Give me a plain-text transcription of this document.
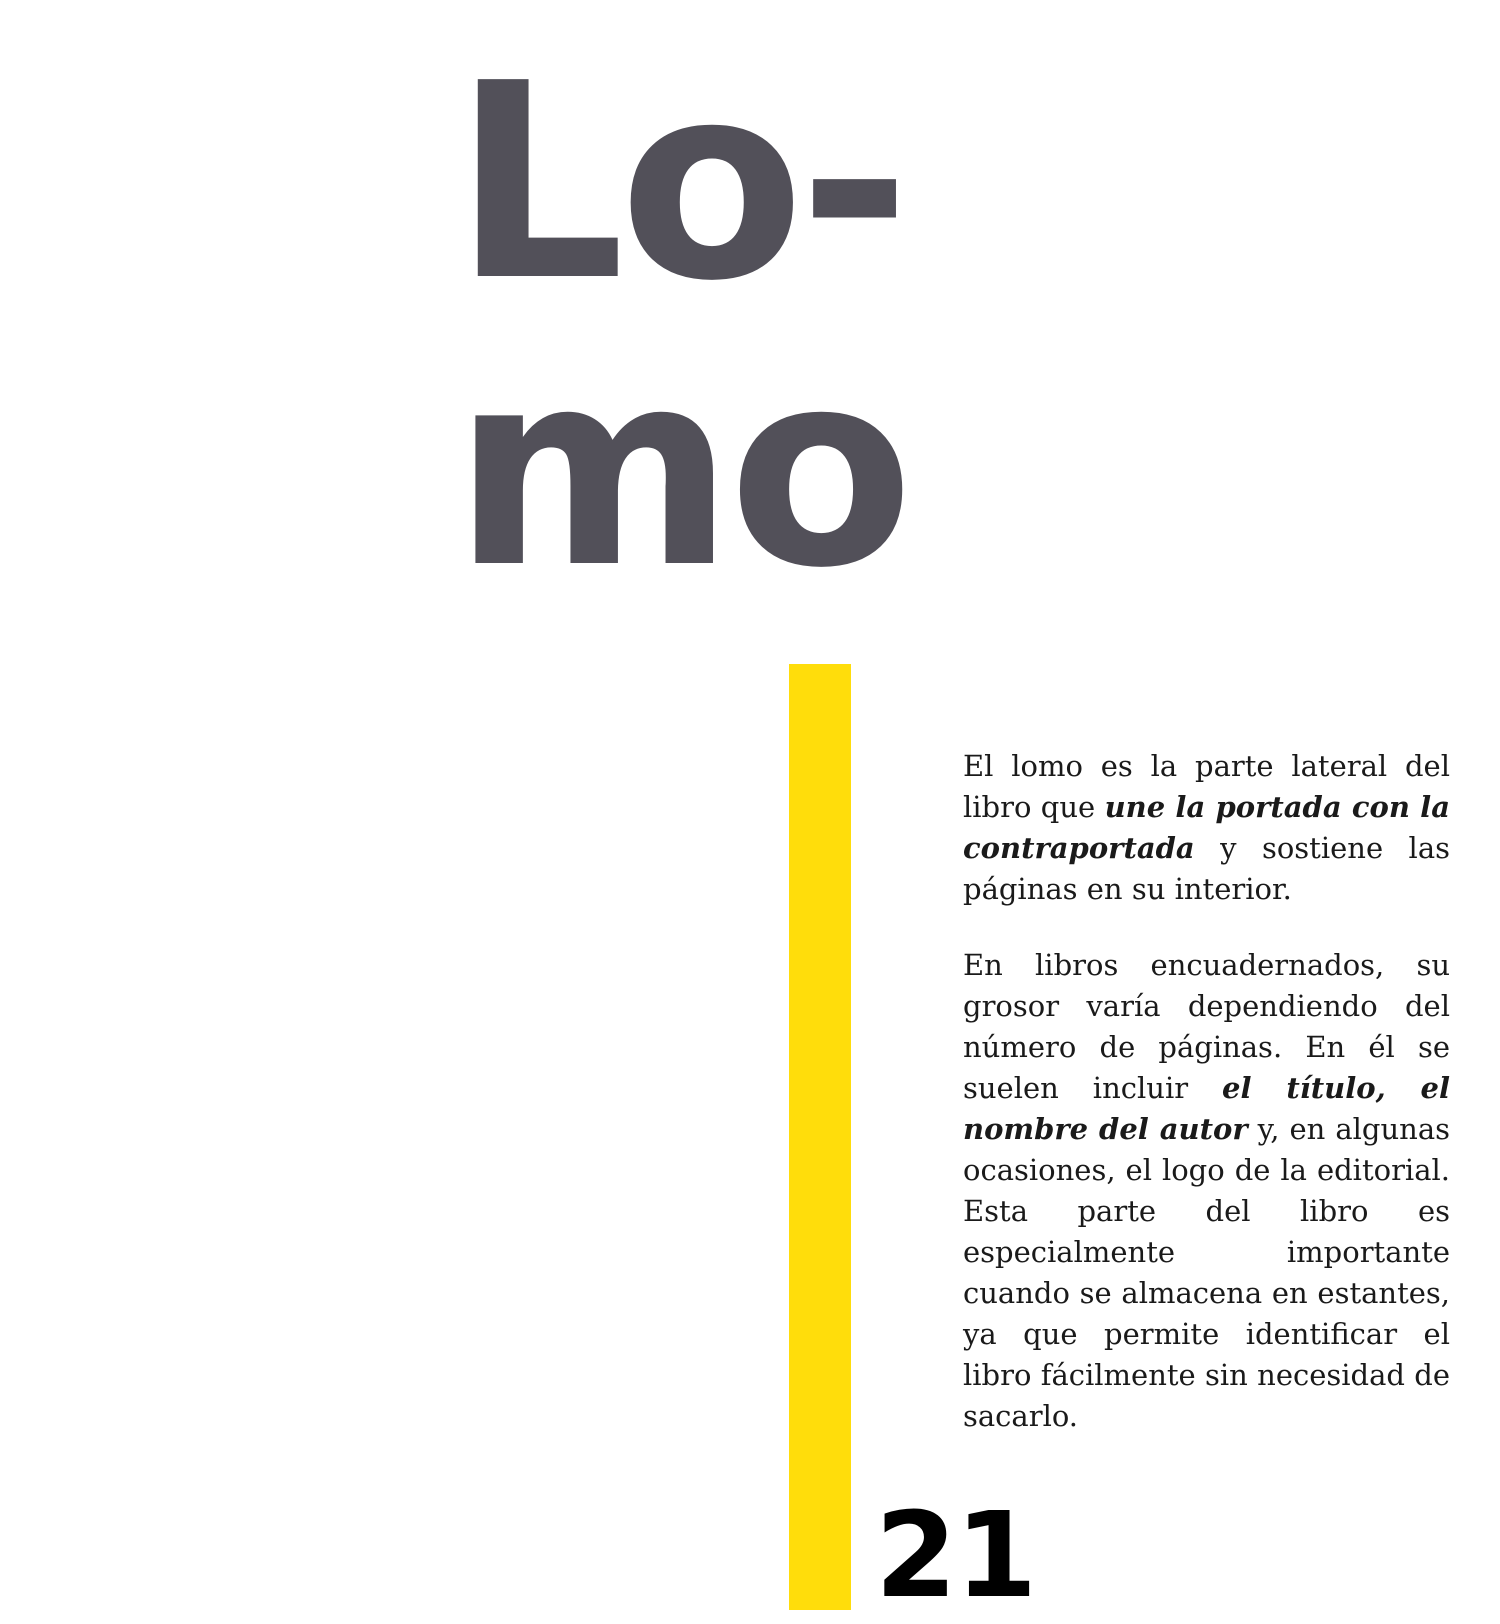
Lo-
mo

El lomo es la parte lateral del libro que une la portada con la contraportada y sostiene las páginas en su interior.

En libros encuadernados, su grosor varía dependiendo del número de páginas. En él se suelen incluir el título, el nombre del autor y, en algunas ocasiones, el logo de la editorial. Esta parte del libro es especialmente importante cuando se almacena en estantes, ya que permite identificar el libro fácilmente sin necesidad de sacarlo.

21
